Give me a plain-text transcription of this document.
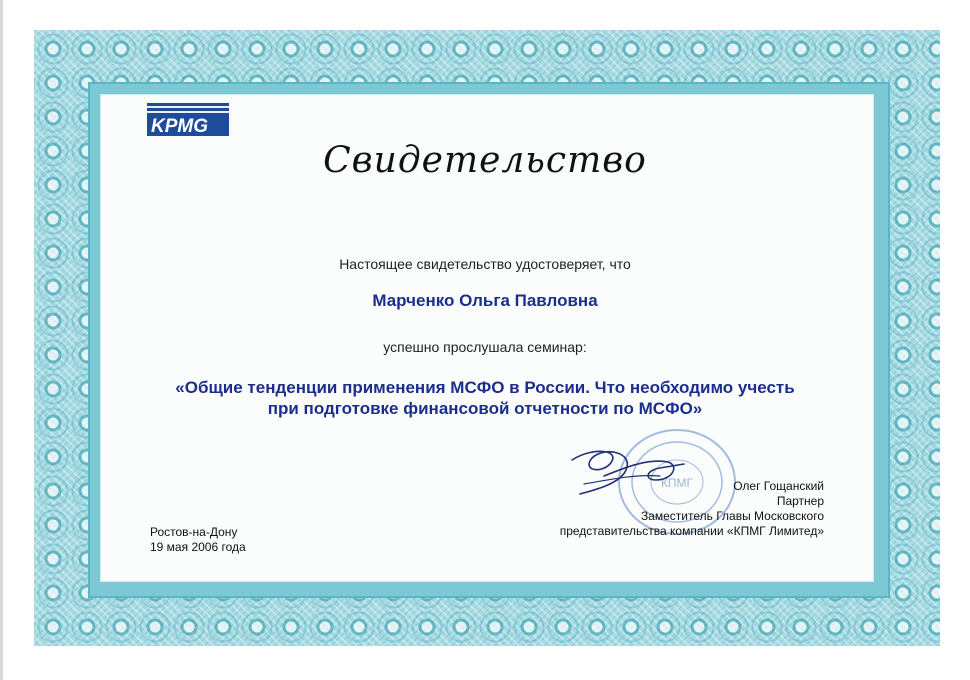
KPMG
Свидетельство

Настоящее свидетельство удостоверяет, что

Марченко Ольга Павловна

успешно прослушала семинар:

«Общие тенденции применения МСФО в России. Что необходимо учесть
при подготовке финансовой отчетности по МСФО»
КПМГ
Ростов-на-Дону
19 мая 2006 года
Олег Гощанский
Партнер
Заместитель Главы Московского
представительства компании «КПМГ Лимитед»
